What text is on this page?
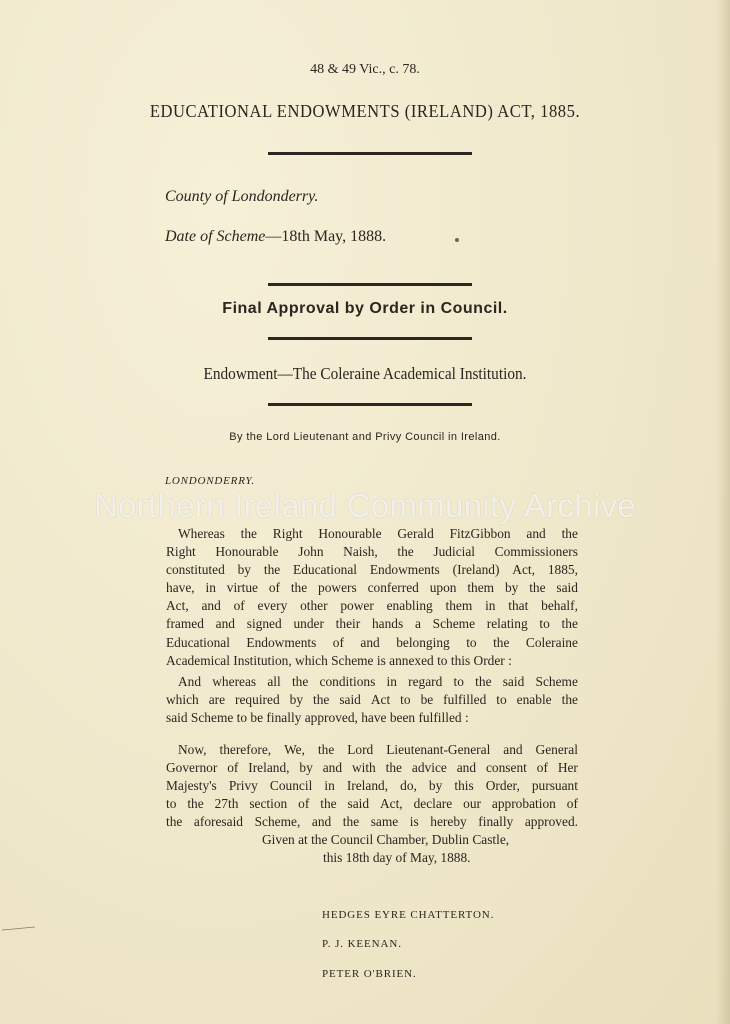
48 & 49 Vic., c. 78.
EDUCATIONAL ENDOWMENTS (IRELAND) ACT, 1885.
County of Londonderry.
Date of Scheme—18th May, 1888.
Final Approval by Order in Council.
Endowment—The Coleraine Academical Institution.
By the Lord Lieutenant and Privy Council in Ireland.
LONDONDERRY.
Whereas the Right Honourable Gerald FitzGibbon and the
Right Honourable John Naish, the Judicial Commissioners
constituted by the Educational Endowments (Ireland) Act, 1885,
have, in virtue of the powers conferred upon them by the said
Act, and of every other power enabling them in that behalf,
framed and signed under their hands a Scheme relating to the
Educational Endowments of and belonging to the Coleraine
Academical Institution, which Scheme is annexed to this Order :
And whereas all the conditions in regard to the said Scheme
which are required by the said Act to be fulfilled to enable the
said Scheme to be finally approved, have been fulfilled :
Now, therefore, We, the Lord Lieutenant-General and General
Governor of Ireland, by and with the advice and consent of Her
Majesty's Privy Council in Ireland, do, by this Order, pursuant
to the 27th section of the said Act, declare our approbation of
the aforesaid Scheme, and the same is hereby finally approved.
Given at the Council Chamber, Dublin Castle,
this 18th day of May, 1888.
HEDGES EYRE CHATTERTON.
P. J. KEENAN.
PETER O'BRIEN.
Northern Ireland Community Archive
